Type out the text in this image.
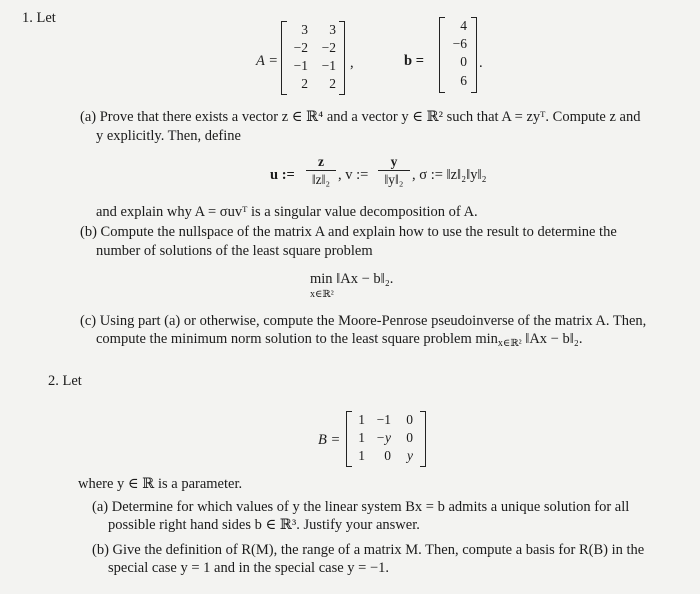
1. Let
A =
3	3
−2	−2
−1	−1
2	2
,	b =
4
−6
0
6
.
(a) Prove that there exists a vector z ∈ ℝ⁴ and a vector y ∈ ℝ² such that A = zyᵀ. Compute z and
y explicitly. Then, define
u := $\frac{z}{\text{‖z‖₂}}$ , v := $\frac{y}{\text{‖y‖₂}}$ , σ := ‖z‖₂‖y‖₂
and explain why A = σuvᵀ is a singular value decomposition of A.
(b) Compute the nullspace of the matrix A and explain how to use the result to determine the
number of solutions of the least square problem
min ‖Ax − b‖₂.
x∈ℝ²
(c) Using part (a) or otherwise, compute the Moore-Penrose pseudoinverse of the matrix A. Then,
compute the minimum norm solution to the least square problem $\min_{x\in ℝ^2}$ ‖Ax − b‖₂.
2. Let
B =
1 −1	0
1 −y	0
1	0	y
where y ∈ ℝ is a parameter.
(a) Determine for which values of y the linear system Bx = b admits a unique solution for all
possible right hand sides b ∈ ℝ³. Justify your answer.
(b) Give the definition of R(M), the range of a matrix M. Then, compute a basis for R(B) in the
special case y = 1 and in the special case y = −1.
